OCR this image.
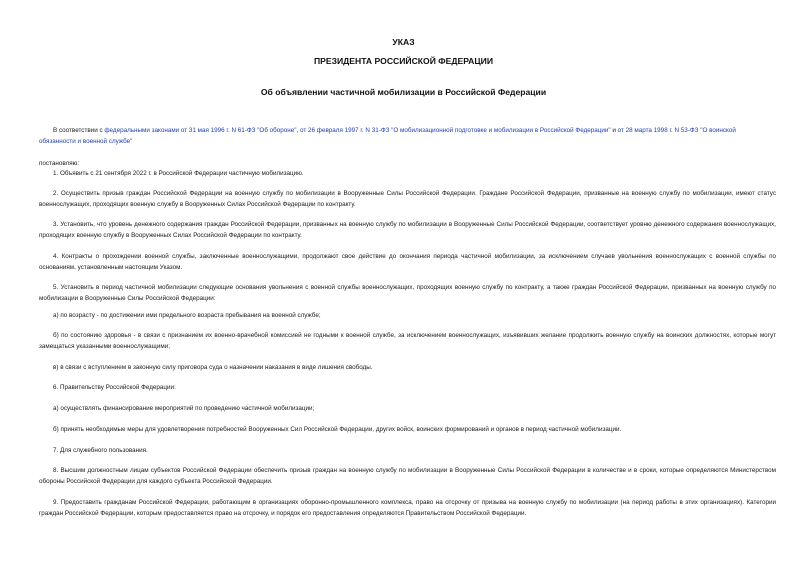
УКАЗ
ПРЕЗИДЕНТА РОССИЙСКОЙ ФЕДЕРАЦИИ
Об объявлении частичной мобилизации в Российской Федерации
В соответствии с федеральными законами от 31 мая 1996 г. N 61-ФЗ "Об обороне", от 26 февраля 1997 г. N 31-ФЗ "О мобилизационной подготовке и мобилизации в Российской Федерации" и от 28 марта 1998 г. N 53-ФЗ "О воинской обязанности и военной службе"

постановляю:

1. Объявить с 21 сентября 2022 г. в Российской Федерации частичную мобилизацию.

2. Осуществить призыв граждан Российской Федерации на военную службу по мобилизации в Вооруженные Силы Российской Федерации. Граждане Российской Федерации, призванные на военную службу по мобилизации, имеют статус военнослужащих, проходящих военную службу в Вооруженных Силах Российской Федерации по контракту.

3. Установить, что уровень денежного содержания граждан Российской Федерации, призванных на военную службу по мобилизации в Вооруженные Силы Российской Федерации, соответствует уровню денежного содержания военнослужащих, проходящих военную службу в Вооруженных Силах Российской Федерации по контракту.

4. Контракты о прохождении военной службы, заключенные военнослужащими, продолжают свое действие до окончания периода частичной мобилизации, за исключением случаев увольнения военнослужащих с военной службы по основаниям, установленным настоящим Указом.

5. Установить в период частичной мобилизации следующие основания увольнения с военной службы военнослужащих, проходящих военную службу по контракту, а также граждан Российской Федерации, призванных на военную службу по мобилизации в Вооруженные Силы Российской Федерации:

а) по возрасту - по достижении ими предельного возраста пребывания на военной службе;

б) по состоянию здоровья - в связи с признанием их военно-врачебной комиссией не годными к военной службе, за исключением военнослужащих, изъявивших желание продолжить военную службу на воинских должностях, которые могут замещаться указанными военнослужащими;

в) в связи с вступлением в законную силу приговора суда о назначении наказания в виде лишения свободы.

6. Правительству Российской Федерации:

а) осуществлять финансирование мероприятий по проведению частичной мобилизации;

б) принять необходимые меры для удовлетворения потребностей Вооруженных Сил Российской Федерации, других войск, воинских формирований и органов в период частичной мобилизации.

7. Для служебного пользования.

8. Высшим должностным лицам субъектов Российской Федерации обеспечить призыв граждан на военную службу по мобилизации в Вооруженные Силы Российской Федерации в количестве и в сроки, которые определяются Министерством обороны Российской Федерации для каждого субъекта Российской Федерации.

9. Предоставить гражданам Российской Федерации, работающим в организациях оборонно-промышленного комплекса, право на отсрочку от призыва на военную службу по мобилизации (на период работы в этих организациях). Категории граждан Российской Федерации, которым предоставляется право на отсрочку, и порядок его предоставления определяются Правительством Российской Федерации.
